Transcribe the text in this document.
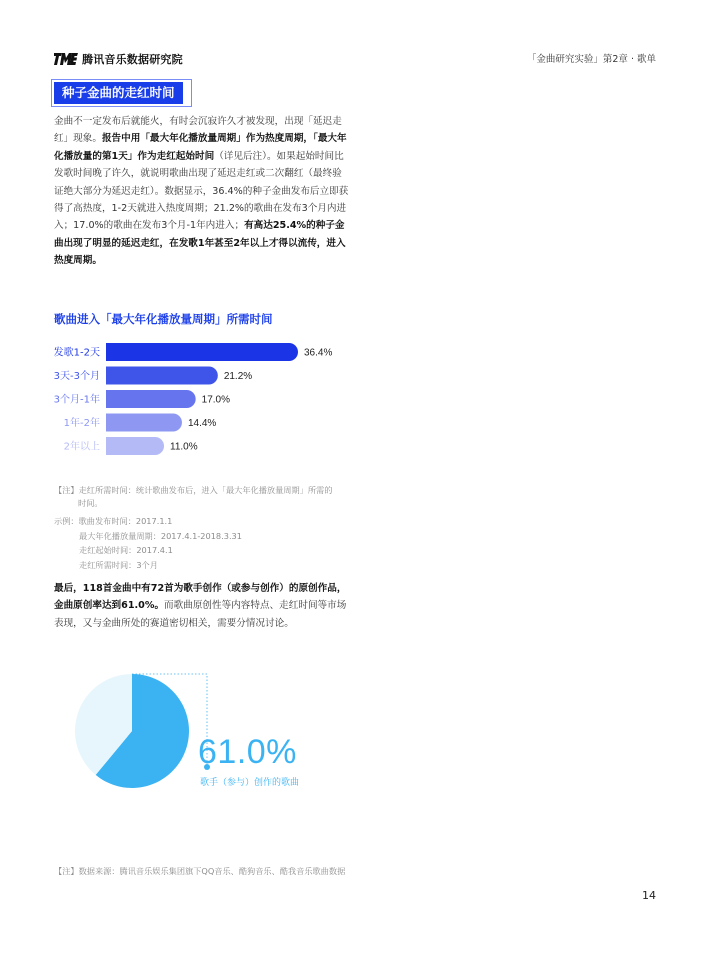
腾讯音乐数据研究院	「金曲研究实验」第2章 · 歌单
种子金曲的走红时间
金曲不一定发布后就能火，有时会沉寂许久才被发现，出现「延迟走红」现象。报告中用「最大年化播放量周期」作为热度周期，「最大年化播放量的第1天」作为走红起始时间（详见后注）。如果起始时间比发歌时间晚了许久，就说明歌曲出现了延迟走红或二次翻红（最终验证绝大部分为延迟走红）。数据显示，36.4%的种子金曲发布后立即获得了高热度，1-2天就进入热度周期；21.2%的歌曲在发布3个月内进入；17.0%的歌曲在发布3个月-1年内进入；有高达25.4%的种子金曲出现了明显的延迟走红，在发歌1年甚至2年以上才得以流传，进入热度周期。
歌曲进入「最大年化播放量周期」所需时间
发歌1-2天	36.4%
3天-3个月	21.2%
3个月-1年	17.0%
1年-2年	14.4%
2年以上	11.0%
【注】走红所需时间：统计歌曲发布后，进入「最大年化播放量周期」所需的
时间。
示例：歌曲发布时间：2017.1.1
最大年化播放量周期：2017.4.1-2018.3.31
走红起始时间：2017.4.1
走红所需时间：3个月
最后，118首金曲中有72首为歌手创作（或参与创作）的原创作品，金曲原创率达到61.0%。而歌曲原创性等内容特点、走红时间等市场表现，又与金曲所处的赛道密切相关，需要分情况讨论。
61.0%
歌手（参与）创作的歌曲
【注】数据来源：腾讯音乐娱乐集团旗下QQ音乐、酷狗音乐、酷我音乐歌曲数据
14
